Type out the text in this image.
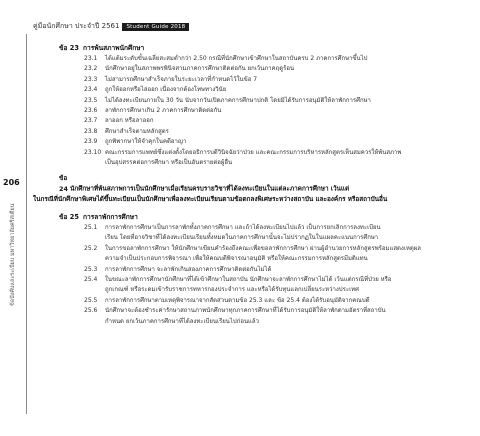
คู่มือนักศึกษา ประจำปี 2561	Student Guide 2018
206
ข้อบังคับและระเบียบ มหาวิทยาลัยคริสเตียน
ข้อ 23 การพ้นสภาพนักศึกษา
23.1	ได้แต้มระดับขั้นเฉลี่ยสะสมต่ำกว่า 2.50 กรณีที่นักศึกษาเข้าศึกษาในสถาบันครบ 2 ภาคการศึกษาขึ้นไป
23.2	นักศึกษาอยู่ในสภาพพรพินิจสามภาคการศึกษาติดต่อกัน ยกเว้นภาคฤดูร้อน
23.3	ไม่สามารถศึกษาสำเร็จภายในระยะเวลาที่กำหนดไว้ในข้อ 7
23.4	ถูกให้ออกหรือไล่ออก เนื่องจากต้องโทษทางวินัย
23.5	ไม่ได้ลงทะเบียนภายใน 30 วัน นับจากวันเปิดภาคการศึกษาปกติ โดยมิได้รับการอนุมัติให้ลาพักการศึกษา
23.6	ลาพักการศึกษาเกิน 2 ภาคการศึกษาติดต่อกัน
23.7	ลาออก หรือลาออก
23.8	ศึกษาสำเร็จตามหลักสูตร
23.9	ถูกพิพากษาให้จำคุกในคดีอาญา
23.10 คณะกรรมการแพทย์ซึ่งแต่งตั้งโดยอธิการบดีวินิจฉัยว่าป่วย และคณะกรรมการบริหารหลักสูตรเห็นสมควรให้พ้นสภาพ
เป็นอุปสรรคต่อการศึกษา หรือเป็นอันตรายต่อผู้อื่น
ข้อ 24 นักศึกษาที่พ้นสภาพการเป็นนักศึกษาเมื่อเรียนครบรายวิชาที่ได้ลงทะเบียนในแต่ละภาคการศึกษา เว้นแต่
ในกรณีที่นักศึกษาพิเศษได้ขึ้นทะเบียนเป็นนักศึกษาเพื่อลงทะเบียนเรียนตามข้อตกลงพิเศษระหว่างสถาบัน และองค์กร หรือสถาบันอื่น
ข้อ 25 การลาพักการศึกษา
25.1	การลาพักการศึกษาเป็นการลาพักทั้งภาคการศึกษา และถ้าได้ลงทะเบียนไปแล้ว เป็นการยกเลิกการลงทะเบียน
เรียน โดยที่อาจวิชาที่ได้ลงทะเบียนเรียนทั้งหมดในภาคการศึกษานั้นจะไม่ปรากฏในในแผลคะแนนการศึกษา
25.2	ในการขอลาพักการศึกษา ให้นักศึกษาเขียนคำร้องถึงคณะเพื่อขอลาพักการศึกษา ผ่านผู้อำนวยการหลักสูตรพร้อมแสดงเหตุผล
ความจำเป็นประกอบการพิจารณา เพื่อให้คณบดีพิจารณาอนุมัติ หรือให้คณะกรรมการหลักสูตรมีมติแทน
25.3	การลาพักการศึกษา จะลาพักเกินสองภาคการศึกษาติดต่อกันไม่ได้
25.4	ในขณะลาพักการศึกษานักศึกษาที่ได้เข้าศึกษาในสถาบัน นักศึกษาจะลาพักการศึกษาไม่ได้ เว้นแต่กรณีที่ป่วย หรือ
ถูกเกณฑ์ หรือระดมเข้ารับราชการทหารกองประจำการ และหรือได้รับทุนแลกเปลี่ยนระหว่างประเทศ
25.5	การลาพักการศึกษาตามเหตุพิจารณาจากสัดส่วนตามข้อ 25.3 และ ข้อ 25.4 ต้องได้รับอนุมัติจากคณบดี
25.6	นักศึกษาจะต้องชำระค่ารักษาสถานภาพนักศึกษาทุกภาคการศึกษาที่ได้รับการอนุมัติให้ลาพักตามอัตราที่สถาบัน
กำหนด ยกเว้นภาคการศึกษาที่ได้ลงทะเบียนเรียนไปก่อนแล้ว
